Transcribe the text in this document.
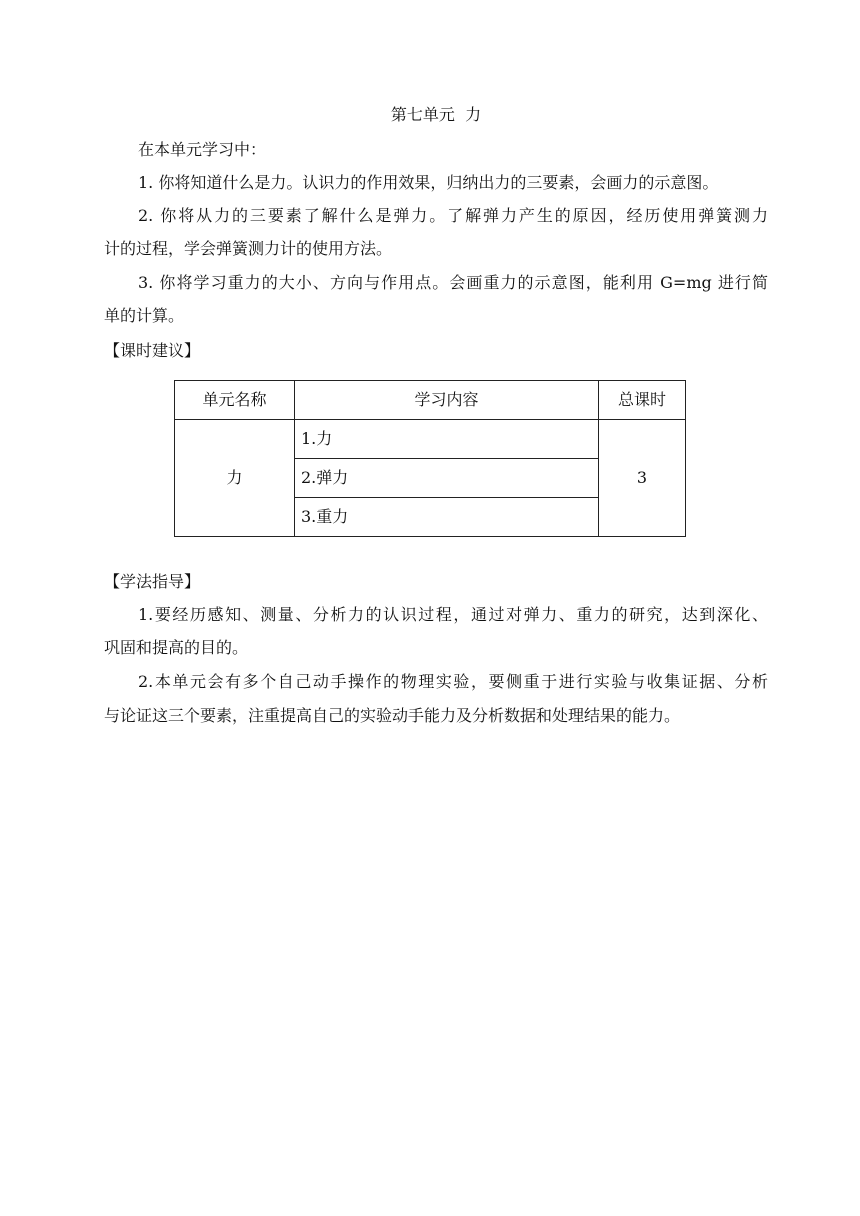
第七单元  力
在本单元学习中：
1. 你将知道什么是力。认识力的作用效果，归纳出力的三要素，会画力的示意图。
2. 你将从力的三要素了解什么是弹力。了解弹力产生的原因，经历使用弹簧测力
计的过程，学会弹簧测力计的使用方法。
3. 你将学习重力的大小、方向与作用点。会画重力的示意图，能利用 G=mg 进行简
单的计算。
【课时建议】
单元名称	学习内容	总课时
力	1.力	3
	2.弹力	
	3.重力	
【学法指导】
1.要经历感知、测量、分析力的认识过程，通过对弹力、重力的研究，达到深化、
巩固和提高的目的。
2.本单元会有多个自己动手操作的物理实验，要侧重于进行实验与收集证据、分析
与论证这三个要素，注重提高自己的实验动手能力及分析数据和处理结果的能力。
